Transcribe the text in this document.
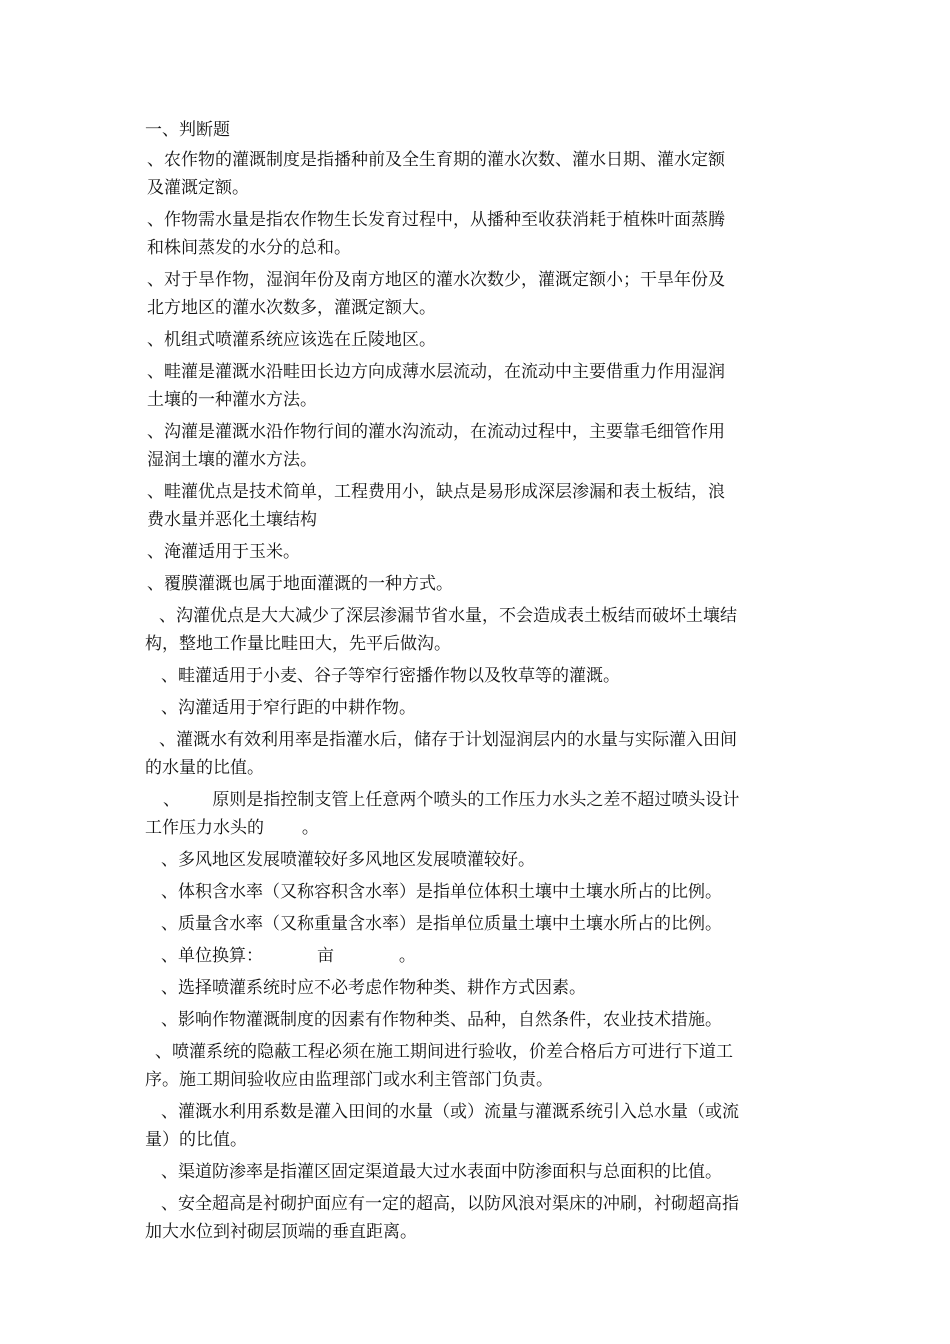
一、判断题
、农作物的灌溉制度是指播种前及全生育期的灌水次数、灌水日期、灌水定额
及灌溉定额。
、作物需水量是指农作物生长发育过程中，从播种至收获消耗于植株叶面蒸腾
和株间蒸发的水分的总和。
、对于旱作物，湿润年份及南方地区的灌水次数少，灌溉定额小；干旱年份及
北方地区的灌水次数多，灌溉定额大。
、机组式喷灌系统应该选在丘陵地区。
、畦灌是灌溉水沿畦田长边方向成薄水层流动，在流动中主要借重力作用湿润
土壤的一种灌水方法。
、沟灌是灌溉水沿作物行间的灌水沟流动，在流动过程中，主要靠毛细管作用
湿润土壤的灌水方法。
、畦灌优点是技术简单，工程费用小，缺点是易形成深层渗漏和表土板结，浪
费水量并恶化土壤结构
、淹灌适用于玉米。
、覆膜灌溉也属于地面灌溉的一种方式。
、沟灌优点是大大减少了深层渗漏节省水量，不会造成表土板结而破坏土壤结
构，整地工作量比畦田大，先平后做沟。
、畦灌适用于小麦、谷子等窄行密播作物以及牧草等的灌溉。
、沟灌适用于窄行距的中耕作物。
、灌溉水有效利用率是指灌水后，储存于计划湿润层内的水量与实际灌入田间
的水量的比值。
、      原则是指控制支管上任意两个喷头的工作压力水头之差不超过喷头设计
工作压力水头的       。
、多风地区发展喷灌较好多风地区发展喷灌较好。
、体积含水率（又称容积含水率）是指单位体积土壤中土壤水所占的比例。
、质量含水率（又称重量含水率）是指单位质量土壤中土壤水所占的比例。
、单位换算：          亩            。
、选择喷灌系统时应不必考虑作物种类、耕作方式因素。
、影响作物灌溉制度的因素有作物种类、品种，自然条件，农业技术措施。
、喷灌系统的隐蔽工程必须在施工期间进行验收，价差合格后方可进行下道工
序。施工期间验收应由监理部门或水利主管部门负责。
、灌溉水利用系数是灌入田间的水量（或）流量与灌溉系统引入总水量（或流
量）的比值。
、渠道防渗率是指灌区固定渠道最大过水表面中防渗面积与总面积的比值。
、安全超高是衬砌护面应有一定的超高，以防风浪对渠床的冲刷，衬砌超高指
加大水位到衬砌层顶端的垂直距离。
